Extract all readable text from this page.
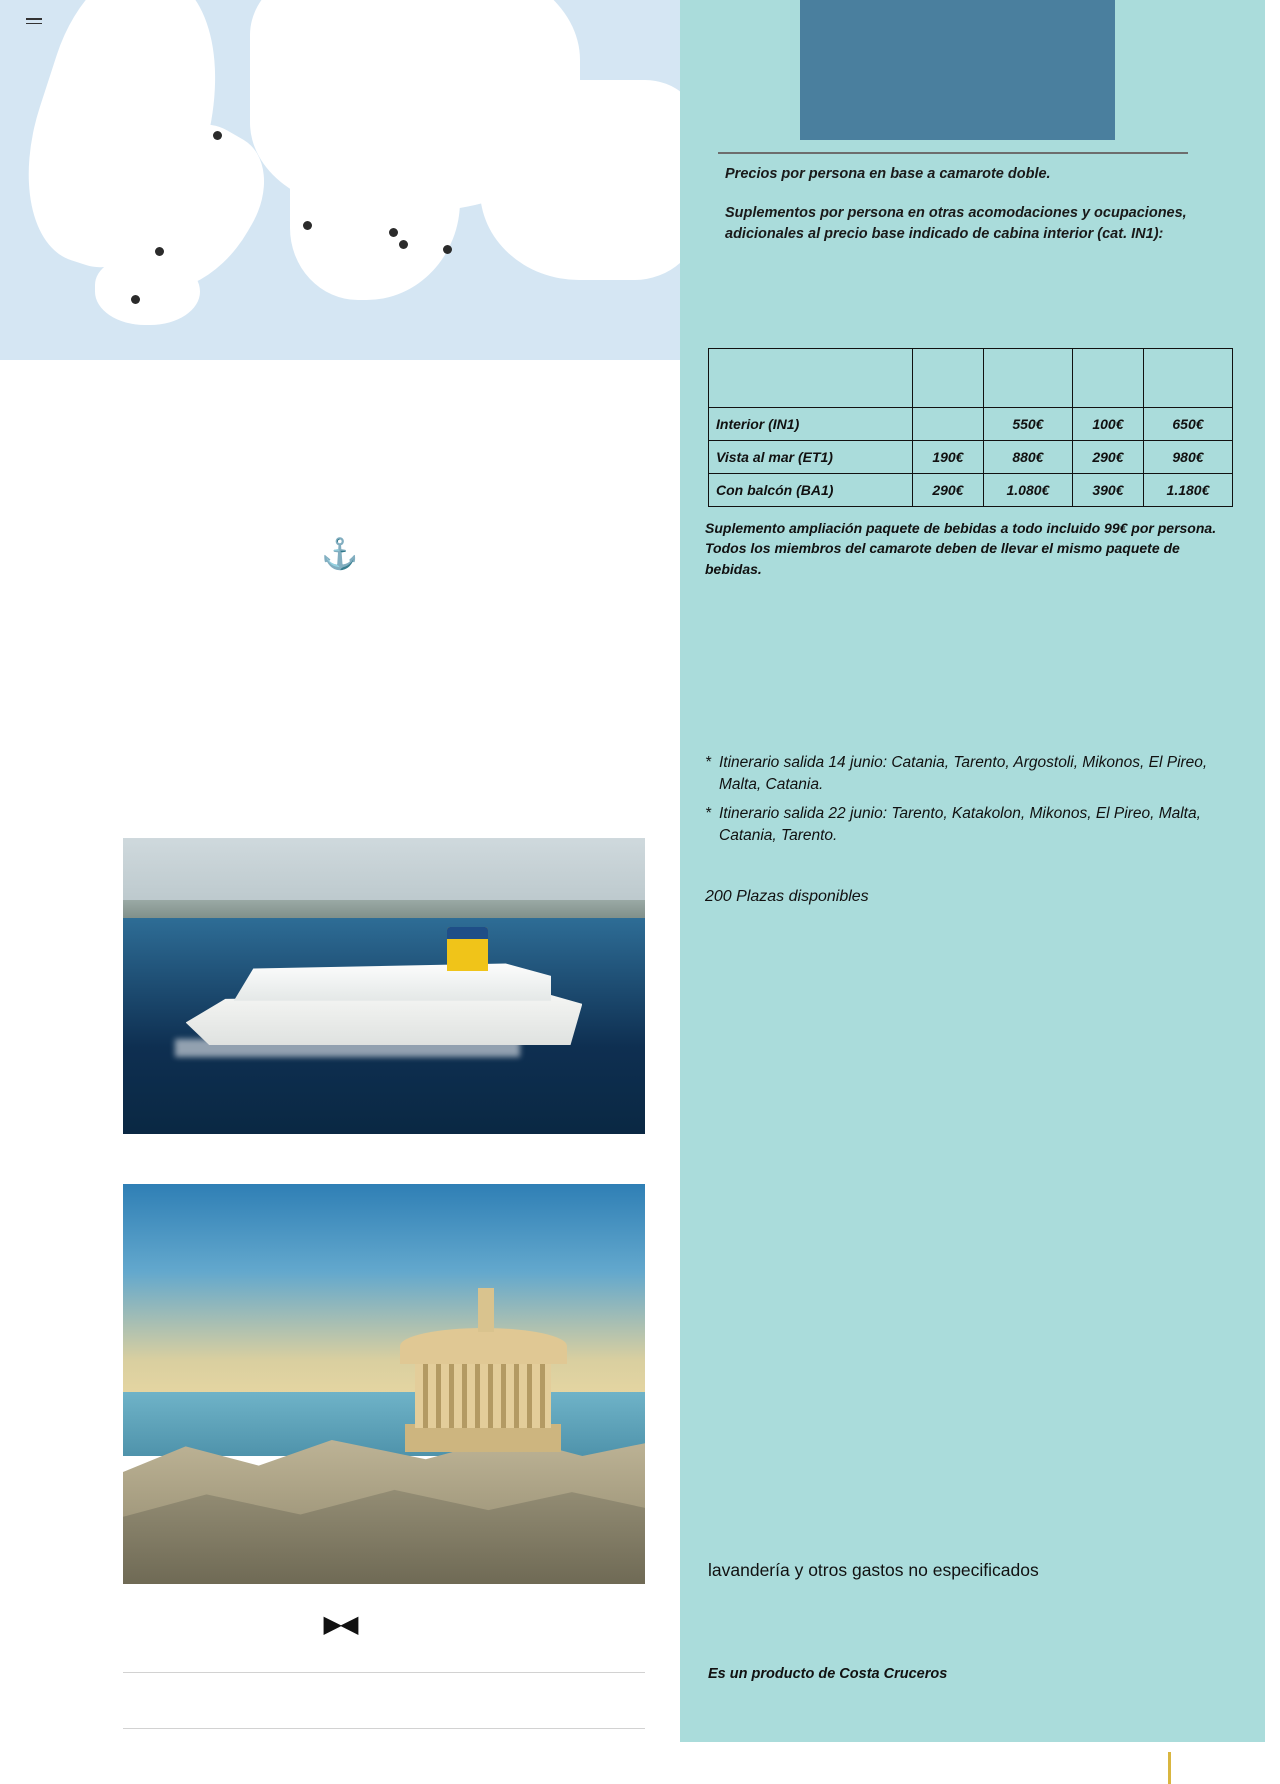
⚓
▶◀
Precios por persona en base a camarote doble.
Suplementos por persona en otras acomodaciones y ocupaciones, adicionales al precio base indicado de cabina interior (cat. IN1):

Interior (IN1)		550€	100€	650€
Vista al mar (ET1)	190€	880€	290€	980€
Con balcón (BA1)	290€	1.080€	390€	1.180€
Suplemento ampliación paquete de bebidas a todo incluido 99€ por persona. Todos los miembros del camarote deben de llevar el mismo paquete de bebidas.
* Itinerario salida 14 junio: Catania, Tarento, Argostoli, Mikonos, El Pireo, Malta, Catania.
* Itinerario salida 22 junio: Tarento, Katakolon, Mikonos, El Pireo, Malta, Catania, Tarento.
200 Plazas disponibles
lavandería y otros gastos no especificados
Es un producto de Costa Cruceros
